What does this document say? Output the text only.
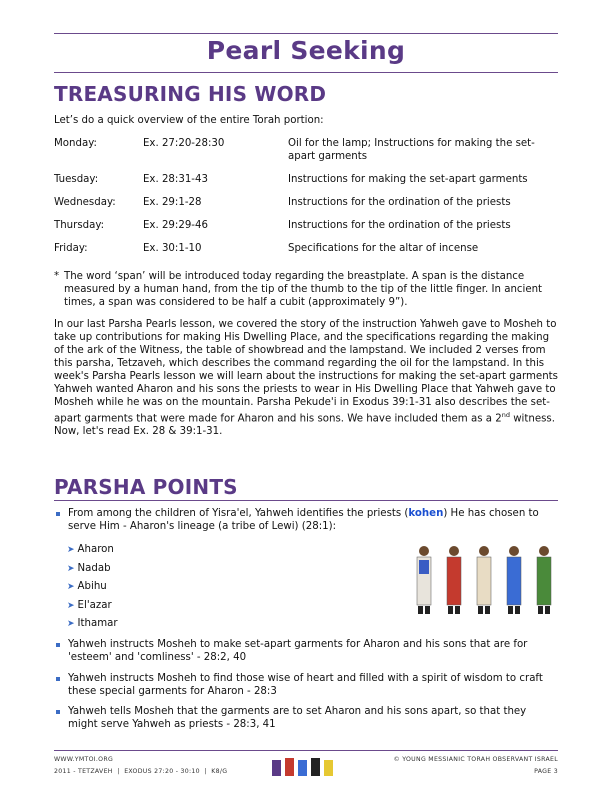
Pearl Seeking
TREASURING HIS WORD
Let’s do a quick overview of the entire Torah portion:
Monday:	Ex. 27:20-28:30	Oil for the lamp; Instructions for making the set-apart garments
Tuesday:	Ex. 28:31-43	Instructions for making the set-apart garments
Wednesday:	Ex. 29:1-28	Instructions for the ordination of the priests
Thursday:	Ex. 29:29-46	Instructions for the ordination of the priests
Friday:	Ex. 30:1-10	Specifications for the altar of incense
* The word ‘span’ will be introduced today regarding the breastplate. A span is the distance measured by a human hand, from the tip of the thumb to the tip of the little finger. In ancient times, a span was considered to be half a cubit (approximately 9”).
In our last Parsha Pearls lesson, we covered the story of the instruction Yahweh gave to Mosheh to take up contributions for making His Dwelling Place, and the specifications regarding the making of the ark of the Witness, the table of showbread and the lampstand. We included 2 verses from this parsha, Tetzaveh, which describes the command regarding the oil for the lampstand. In this week's Parsha Pearls lesson we will learn about the instructions for making the set-apart garments Yahweh wanted Aharon and his sons the priests to wear in His Dwelling Place that Yahweh gave to Mosheh while he was on the mountain. Parsha Pekude'i in Exodus 39:1-31 also describes the set-apart garments that were made for Aharon and his sons. We have included them as a 2nd witness. Now, let's read Ex. 28 & 39:1-31.
PARSHA POINTS
From among the children of Yisra'el, Yahweh identifies the priests (kohen) He has chosen to serve Him - Aharon's lineage (a tribe of Lewi) (28:1):
➤ Aharon
➤ Nadab
➤ Abihu
➤ El'azar
➤ Ithamar
Yahweh instructs Mosheh to make set-apart garments for Aharon and his sons that are for 'esteem' and 'comliness' - 28:2, 40
Yahweh instructs Mosheh to find those wise of heart and filled with a spirit of wisdom to craft these special garments for Aharon - 28:3
Yahweh tells Mosheh that the garments are to set Aharon and his sons apart, so that they might serve Yahweh as priests - 28:3, 41
WWW.YMTOI.ORG
2011 - TETZAVEH  |  EXODUS 27:20 - 30:10  |  K8/G
© YOUNG MESSIANIC TORAH OBSERVANT ISRAEL
PAGE 3
